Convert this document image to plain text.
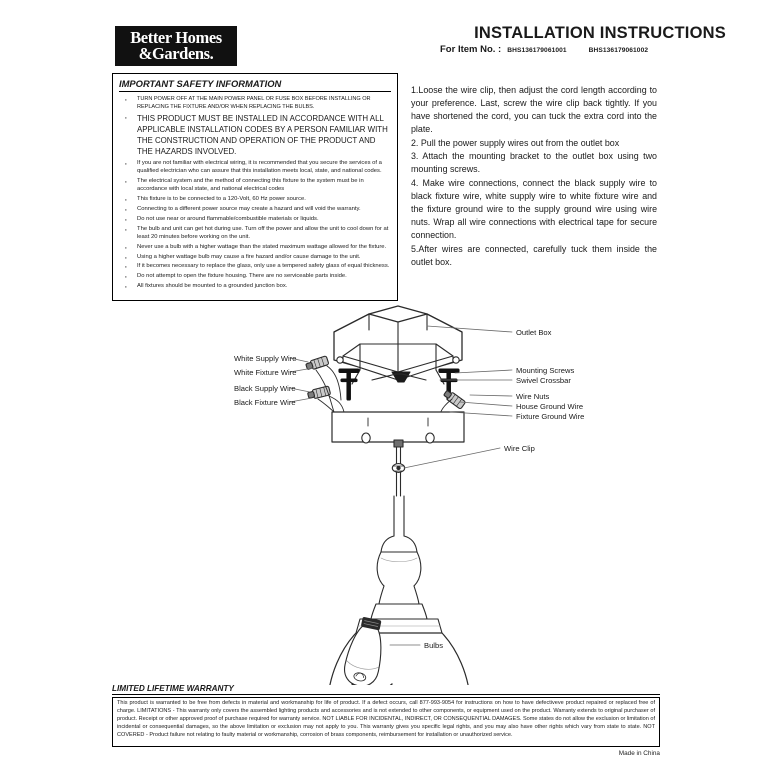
Better Homes
&Gardens.
INSTALLATION INSTRUCTIONS
For Item No. : BHS136179061001	BHS136179061002
IMPORTANT SAFETY INFORMATION
· TURN POWER OFF AT THE MAIN POWER PANEL OR FUSE BOX BEFORE INSTALLING OR REPLACING THE FIXTURE AND/OR WHEN REPLACING THE BULBS.
· THIS PRODUCT MUST BE INSTALLED IN ACCORDANCE WITH ALL APPLICABLE INSTALLATION CODES BY A PERSON FAMILIAR WITH THE CONSTRUCTION AND OPERATION OF THE PRODUCT AND THE HAZARDS INVOLVED.
· If you are not familiar with electrical wiring, it is recommended that you secure the services of a qualified electrician who can assure that this installation meets local, state, and national codes.
· The electrical system and the method of connecting this fixture to the system must be in accordance with local state, and national electrical codes
· This fixture is to be connected to a 120-Volt, 60 Hz power source.
· Connecting to a different power source may create a hazard and will void the warranty.
· Do not use near or around flammable/combustible materials or liquids.
· The bulb and unit can get hot during use. Turn off the power and allow the unit to cool down for at least 20 minutes before working on the unit.
· Never use a bulb with a higher wattage than the stated maximum wattage allowed for the fixture.
· Using a higher wattage bulb may cause a fire hazard and/or cause damage to the unit.
· If it becomes necessary to replace the glass, only use a tempered safety glass of equal thickness.
· Do not attempt to open the fixture housing. There are no serviceable parts inside.
· All fixtures should be mounted to a grounded junction box.

1.Loose the wire clip, then adjust the cord length according to your preference. Last, screw the wire clip back tightly. If you have shortened the cord, you can tuck the extra cord into the plate.

2. Pull the power supply wires out from the outlet box

3. Attach the mounting bracket to the outlet box using two mounting screws.

4. Make wire connections, connect the black supply wire to black fixture wire, white supply wire to white fixture wire and the fixture ground wire to the supply ground wire using wire nuts. Wrap all wire connections with electrical tape for secure connection.

5.After wires are connected, carefully tuck them inside the outlet box.

Outlet Box
Mounting Screws
Swivel Crossbar
Wire Nuts
House Ground Wire
Fixture Ground Wire
Wire Clip
White Supply Wire
White Fixture Wire
Black Supply Wire
Black Fixture Wire
Bulbs
LIMITED LIFETIME WARRANTY
This product is warranted to be free from defects in material and workmanship for life of product. If a defect occurs, call 877-993-9054 for instructions on how to have defectiveve product repaired or replaced free of charge. LIMITATIONS - This warranty only covers the assembled lighting products and accessories and is not extended to other components, or equipment used on the product. Warranty extends to original purchaser of product. Receipt or other approved proof of purchase required for warranty service. NOT LIABLE FOR INCIDENTAL, INDIRECT, OR CONSEQUENTIAL DAMAGES. Some states do not allow the exclusion or limitation of incidental or consequential damages, so the above limitation or exclusion may not apply to you. This warranty gives you specific legal rights, and you may also have other rights which vary from state to state. NOT COVERED - Product failure not relating to faulty material or workmanship, corrosion of brass components, reimbursement for installation or unauthorized service.
Made in China
